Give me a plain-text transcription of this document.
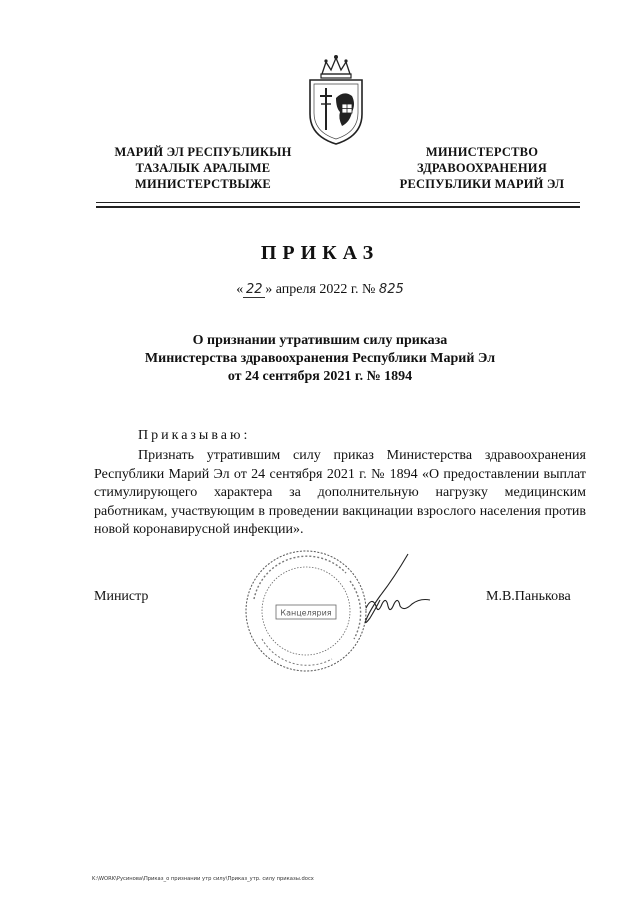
МАРИЙ ЭЛ РЕСПУБЛИКЫН
ТАЗАЛЫК АРАЛЫМЕ
МИНИСТЕРСТВЫЖЕ
МИНИСТЕРСТВО
ЗДРАВООХРАНЕНИЯ
РЕСПУБЛИКИ МАРИЙ ЭЛ
ПРИКАЗ
« 22 » апреля 2022 г. № 825
О признании утратившим силу приказа
Министерства здравоохранения Республики Марий Эл
от 24 сентября 2021 г. № 1894
Приказываю:
Признать утратившим силу приказ Министерства здравоохранения Республики Марий Эл от 24 сентября 2021 г. № 1894 «О предоставлении выплат стимулирующего характера за дополнительную нагрузку медицинским работникам, участвующим в проведении вакцинации взрослого населения против новой коронавирусной инфекции».
Министр	М.В.Панькова
Канцелярия
K:\WORK\Русинова\Приказ_о признании утр силу\Приказ_утр. силу приказы.docx
